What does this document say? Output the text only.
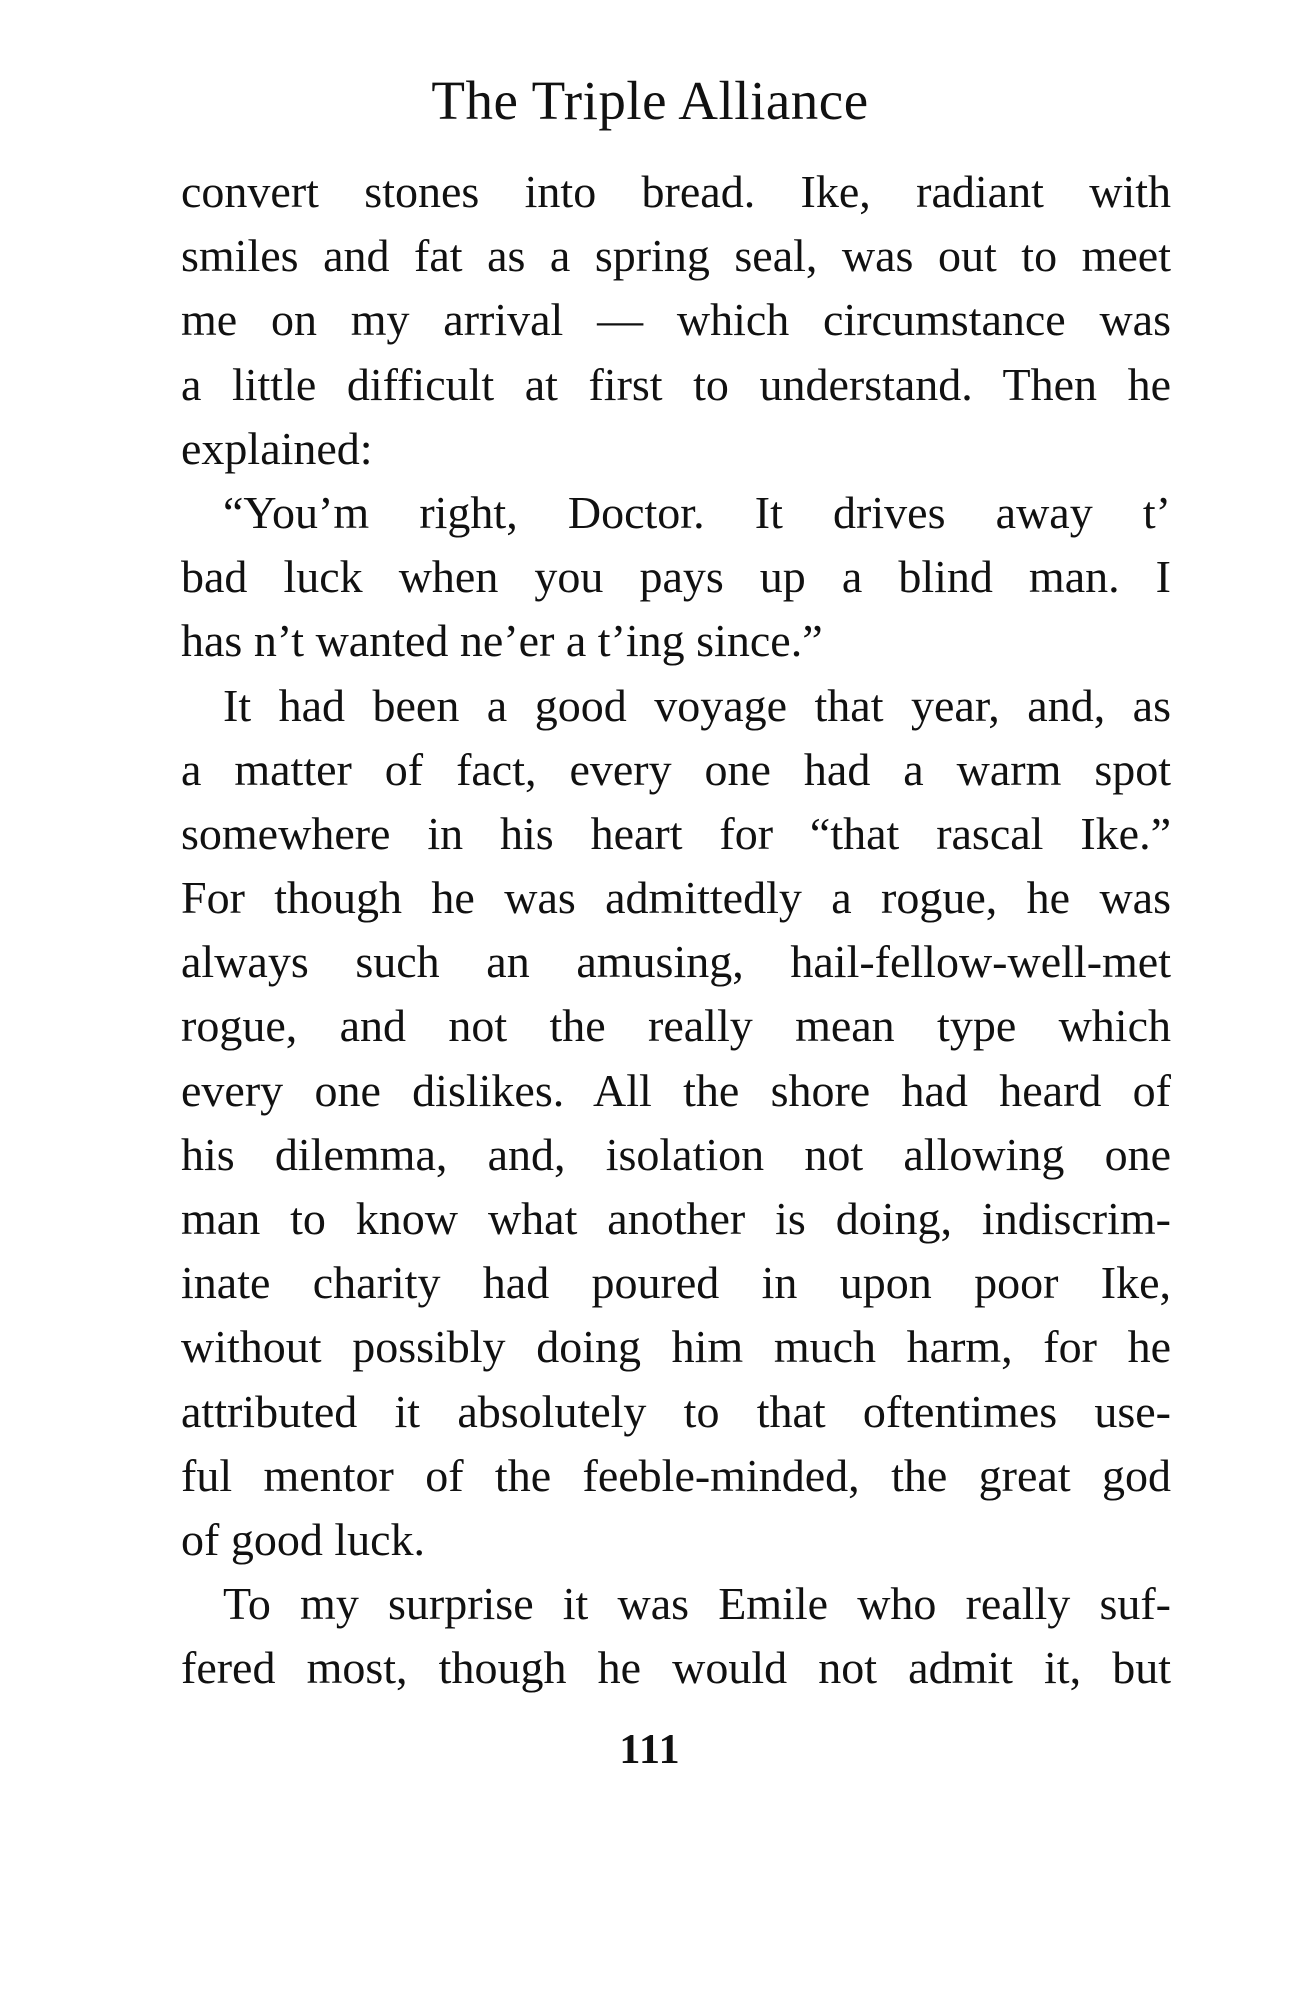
The Triple Alliance
convert stones into bread. Ike, radiant with
smiles and fat as a spring seal, was out to meet
me on my arrival — which circumstance was
a little difficult at first to understand. Then he
explained:
“You’m right, Doctor. It drives away t’
bad luck when you pays up a blind man. I
has n’t wanted ne’er a t’ing since.”
It had been a good voyage that year, and, as
a matter of fact, every one had a warm spot
somewhere in his heart for “that rascal Ike.”
For though he was admittedly a rogue, he was
always such an amusing, hail-fellow-well-met
rogue, and not the really mean type which
every one dislikes. All the shore had heard of
his dilemma, and, isolation not allowing one
man to know what another is doing, indiscrim-
inate charity had poured in upon poor Ike,
without possibly doing him much harm, for he
attributed it absolutely to that oftentimes use-
ful mentor of the feeble-minded, the great god
of good luck.
To my surprise it was Emile who really suf-
fered most, though he would not admit it, but
111
